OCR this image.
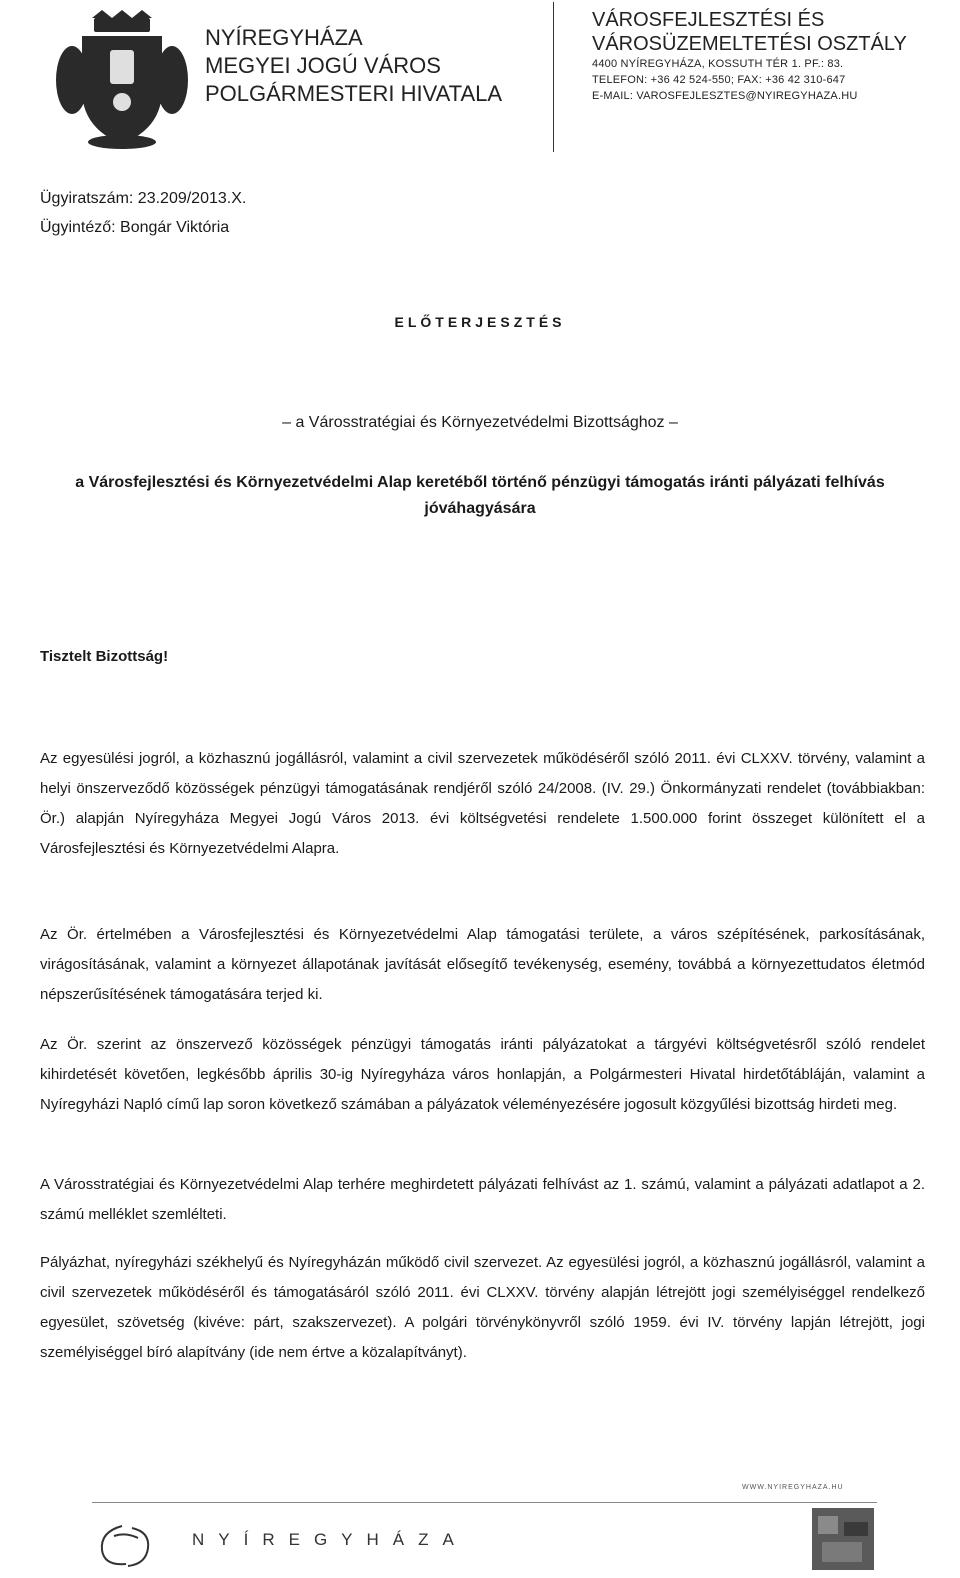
NYÍREGYHÁZA
MEGYEI JOGÚ VÁROS
POLGÁRMESTERI HIVATALA
VÁROSFEJLESZTÉSI ÉS
VÁROSÜZEMELTETÉSI OSZTÁLY
4400 NYÍREGYHÁZA, KOSSUTH TÉR 1. PF.: 83.
TELEFON: +36 42 524-550; FAX: +36 42 310-647
E-MAIL: VAROSFEJLESZTES@NYIREGYHAZA.HU
Ügyiratszám: 23.209/2013.X.
Ügyintéző: Bongár Viktória
ELŐTERJESZTÉS
– a Városstratégiai és Környezetvédelmi Bizottsághoz –
a Városfejlesztési és Környezetvédelmi Alap keretéből történő pénzügyi támogatás iránti pályázati felhívás jóváhagyására
Tisztelt Bizottság!
Az egyesülési jogról, a közhasznú jogállásról, valamint a civil szervezetek működéséről szóló 2011. évi CLXXV. törvény, valamint a helyi önszerveződő közösségek pénzügyi támogatásának rendjéről szóló 24/2008. (IV. 29.) Önkormányzati rendelet (továbbiakban: Ör.) alapján Nyíregyháza Megyei Jogú Város 2013. évi költségvetési rendelete 1.500.000 forint összeget különített el a Városfejlesztési és Környezetvédelmi Alapra.
Az Ör. értelmében a Városfejlesztési és Környezetvédelmi Alap támogatási területe, a város szépítésének, parkosításának, virágosításának, valamint a környezet állapotának javítását elősegítő tevékenység, esemény, továbbá a környezettudatos életmód népszerűsítésének támogatására terjed ki.
Az Ör. szerint az önszervező közösségek pénzügyi támogatás iránti pályázatokat a tárgyévi költségvetésről szóló rendelet kihirdetését követően, legkésőbb április 30-ig Nyíregyháza város honlapján, a Polgármesteri Hivatal hirdetőtábláján, valamint a Nyíregyházi Napló című lap soron következő számában a pályázatok véleményezésére jogosult közgyűlési bizottság hirdeti meg.
A Városstratégiai és Környezetvédelmi Alap terhére meghirdetett pályázati felhívást az 1. számú, valamint a pályázati adatlapot a 2. számú melléklet szemlélteti.
Pályázhat, nyíregyházi székhelyű és Nyíregyházán működő civil szervezet. Az egyesülési jogról, a közhasznú jogállásról, valamint a civil szervezetek működéséről és támogatásáról szóló 2011. évi CLXXV. törvény alapján létrejött jogi személyiséggel rendelkező egyesület, szövetség (kivéve: párt, szakszervezet). A polgári törvénykönyvről szóló 1959. évi IV. törvény lapján létrejött, jogi személyiséggel bíró alapítvány (ide nem értve a közalapítványt).
WWW.NYIREGYHAZA.HU
NYÍREGYHÁZA
